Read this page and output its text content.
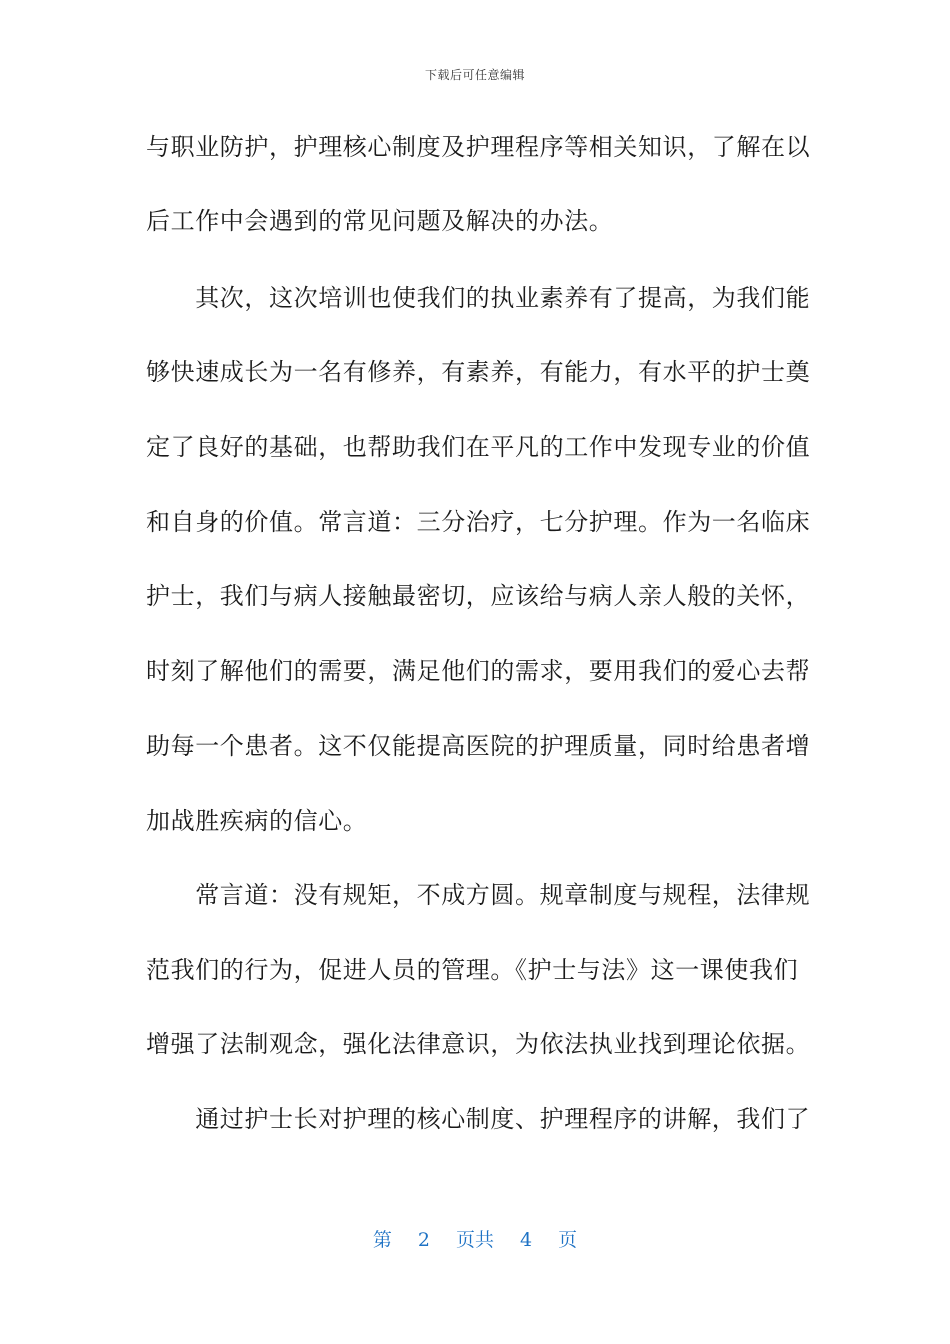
下载后可任意编辑
与职业防护，护理核心制度及护理程序等相关知识，了解在以
后工作中会遇到的常见问题及解决的办法。
　　其次，这次培训也使我们的执业素养有了提高，为我们能
够快速成长为一名有修养，有素养，有能力，有水平的护士奠
定了良好的基础，也帮助我们在平凡的工作中发现专业的价值
和自身的价值。常言道：三分治疗，七分护理。作为一名临床
护士，我们与病人接触最密切，应该给与病人亲人般的关怀，
时刻了解他们的需要，满足他们的需求，要用我们的爱心去帮
助每一个患者。这不仅能提高医院的护理质量，同时给患者增
加战胜疾病的信心。
　　常言道：没有规矩，不成方圆。规章制度与规程，法律规
范我们的行为，促进人员的管理。《护士与法》这一课使我们
增强了法制观念，强化法律意识，为依法执业找到理论依据。
　　通过护士长对护理的核心制度、护理程序的讲解，我们了
第 2 页共 4 页
